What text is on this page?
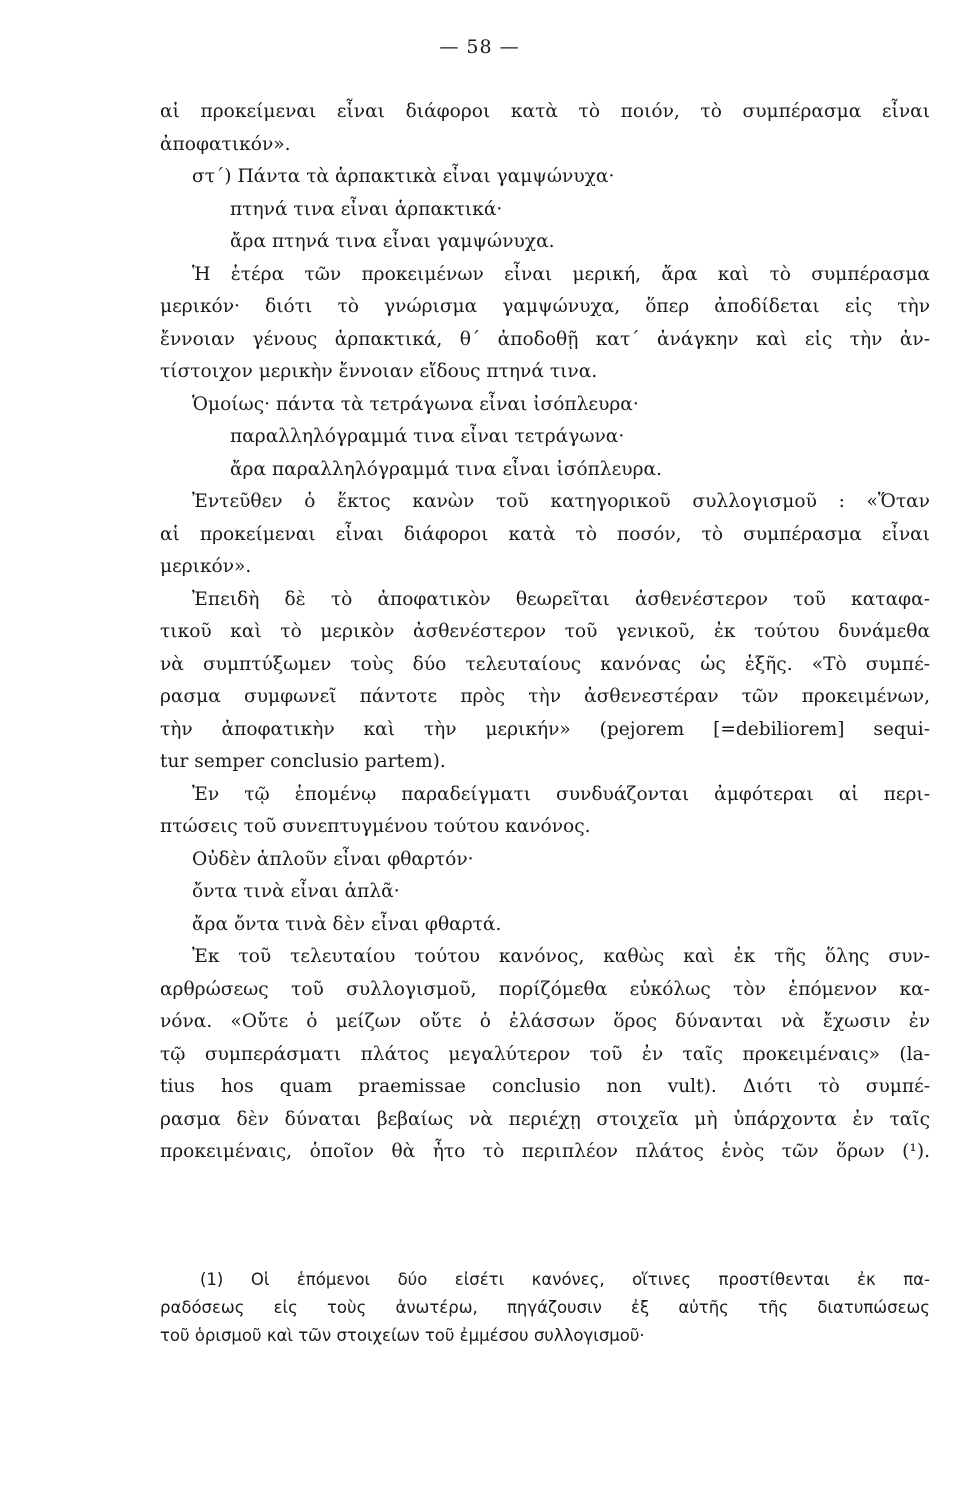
— 58 —
αἱ προκείμεναι εἶναι διάφοροι κατὰ τὸ ποιόν, τὸ συμπέρασμα εἶναι
ἀποφατικόν».
στ΄) Πάντα τὰ ἁρπακτικὰ εἶναι γαμψώνυχα·
πτηνά τινα εἶναι ἁρπακτικά·
ἄρα πτηνά τινα εἶναι γαμψώνυχα.
Ἡ ἑτέρα τῶν προκειμένων εἶναι μερική, ἄρα καὶ τὸ συμπέρασμα
μερικόν· διότι τὸ γνώρισμα γαμψώνυχα, ὅπερ ἀποδίδεται εἰς τὴν
ἔννοιαν γένους ἁρπακτικά, θ΄ ἀποδοθῇ κατ΄ ἀνάγκην καὶ εἰς τὴν ἀν-
τίστοιχον μερικὴν ἔννοιαν εἴδους πτηνά τινα.
Ὁμοίως· πάντα τὰ τετράγωνα εἶναι ἰσόπλευρα·
παραλληλόγραμμά τινα εἶναι τετράγωνα·
ἄρα παραλληλόγραμμά τινα εἶναι ἰσόπλευρα.
Ἐντεῦθεν ὁ ἕκτος κανὼν τοῦ κατηγορικοῦ συλλογισμοῦ : «Ὅταν
αἱ προκείμεναι εἶναι διάφοροι κατὰ τὸ ποσόν, τὸ συμπέρασμα εἶναι
μερικόν».
Ἐπειδὴ δὲ τὸ ἀποφατικὸν θεωρεῖται ἀσθενέστερον τοῦ καταφα-
τικοῦ καὶ τὸ μερικὸν ἀσθενέστερον τοῦ γενικοῦ, ἐκ τούτου δυνάμεθα
νὰ συμπτύξωμεν τοὺς δύο τελευταίους κανόνας ὡς ἑξῆς. «Τὸ συμπέ-
ρασμα συμφωνεῖ πάντοτε πρὸς τὴν ἀσθενεστέραν τῶν προκειμένων,
τὴν ἀποφατικὴν καὶ τὴν μερικήν» (pejorem [=debiliorem] sequi-
tur semper conclusio partem).
Ἐν τῷ ἑπομένῳ παραδείγματι συνδυάζονται ἀμφότεραι αἱ περι-
πτώσεις τοῦ συνεπτυγμένου τούτου κανόνος.
Οὐδὲν ἁπλοῦν εἶναι φθαρτόν·
ὄντα τινὰ εἶναι ἁπλᾶ·
ἄρα ὄντα τινὰ δὲν εἶναι φθαρτά.
Ἐκ τοῦ τελευταίου τούτου κανόνος, καθὼς καὶ ἐκ τῆς ὅλης συν-
αρθρώσεως τοῦ συλλογισμοῦ, πορίζόμεθα εὐκόλως τὸν ἑπόμενον κα-
νόνα. «Οὔτε ὁ μείζων οὔτε ὁ ἐλάσσων ὅρος δύνανται νὰ ἔχωσιν ἐν
τῷ συμπεράσματι πλάτος μεγαλύτερον τοῦ ἐν ταῖς προκειμέναις» (la-
tius hos quam praemissae conclusio non vult). Διότι τὸ συμπέ-
ρασμα δὲν δύναται βεβαίως νὰ περιέχῃ στοιχεῖα μὴ ὑπάρχοντα ἐν ταῖς
προκειμέναις, ὁποῖον θὰ ἦτο τὸ περιπλέον πλάτος ἑνὸς τῶν ὅρων (¹).
(1) Οἱ ἑπόμενοι δύο εἰσέτι κανόνες, οἵτινες προστίθενται ἐκ πα-
ραδόσεως εἰς τοὺς ἀνωτέρω, πηγάζουσιν ἐξ αὐτῆς τῆς διατυπώσεως
τοῦ ὁρισμοῦ καὶ τῶν στοιχείων τοῦ ἐμμέσου συλλογισμοῦ·
